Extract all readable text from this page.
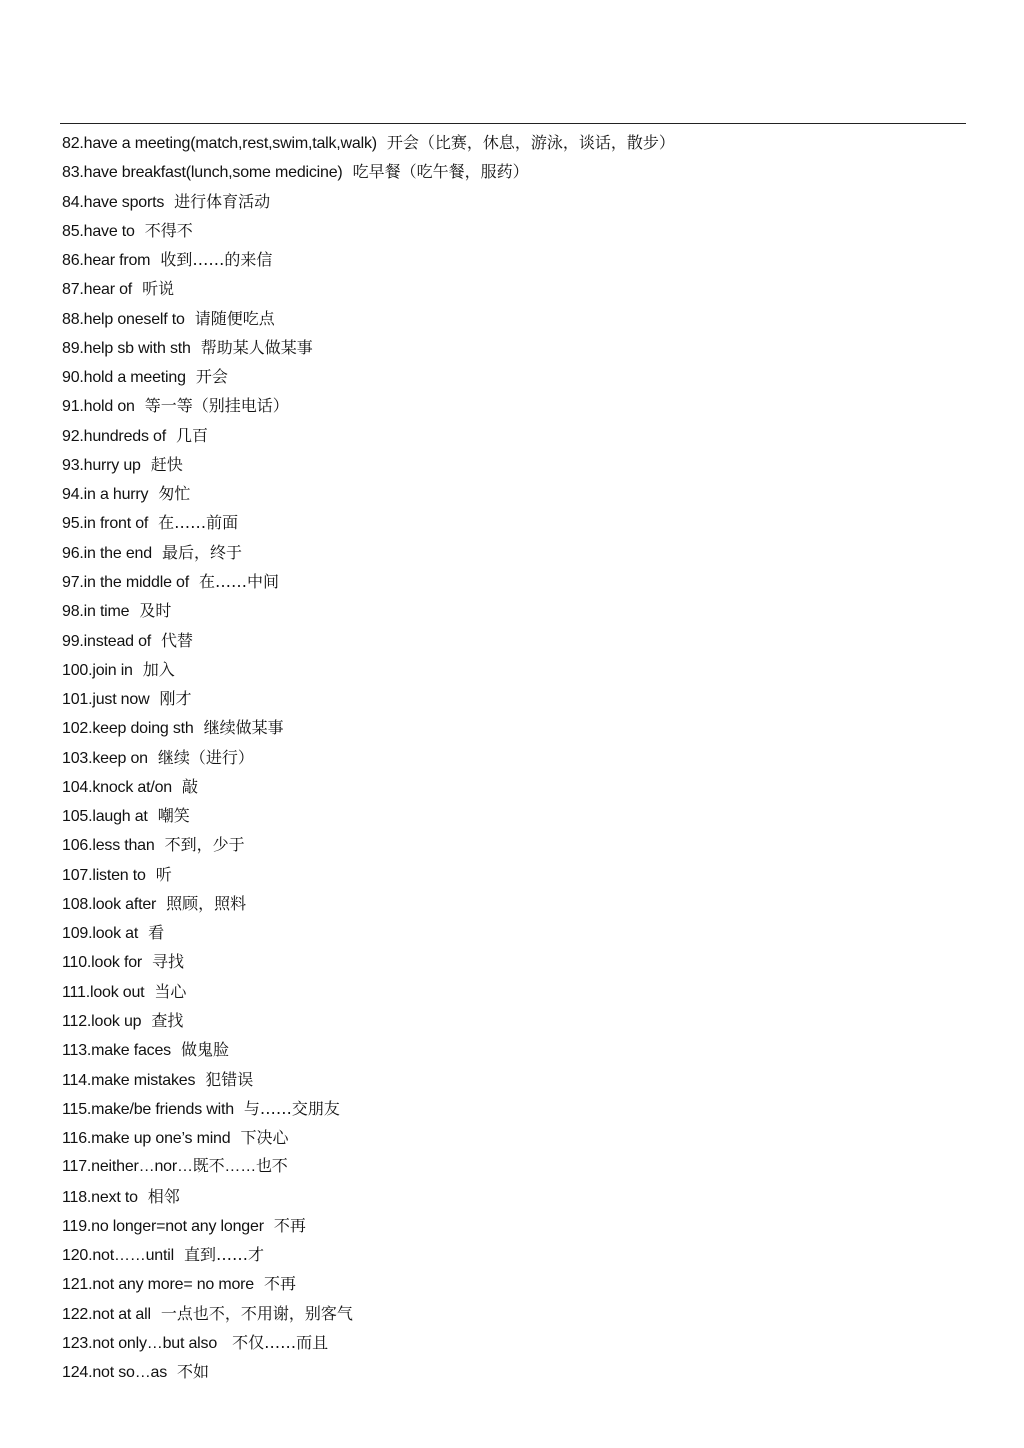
82.have a meeting(match,rest,swim,talk,walk) 开会（比赛，休息，游泳，谈话，散步）
83.have breakfast(lunch,some medicine) 吃早餐（吃午餐，服药）
84.have sports 进行体育活动
85.have to 不得不
86.hear from 收到……的来信
87.hear of 听说
88.help oneself to 请随便吃点
89.help sb with sth 帮助某人做某事
90.hold a meeting 开会
91.hold on 等一等（别挂电话）
92.hundreds of 几百
93.hurry up 赶快
94.in a hurry 匆忙
95.in front of 在……前面
96.in the end 最后，终于
97.in the middle of 在……中间
98.in time 及时
99.instead of 代替
100.join in 加入
101.just now 刚才
102.keep doing sth 继续做某事
103.keep on 继续（进行）
104.knock at/on 敲
105.laugh at 嘲笑
106.less than 不到，少于
107.listen to 听
108.look after 照顾，照料
109.look at 看
110.look for 寻找
111.look out 当心
112.look up 查找
113.make faces 做鬼脸
114.make mistakes 犯错误
115.make/be friends with 与……交朋友
116.make up one’s mind 下决心
117.neither…nor…既不……也不
118.next to 相邻
119.no longer=not any longer 不再
120.not……until 直到……才
121.not any more= no more 不再
122.not at all 一点也不，不用谢，别客气
123.not only…but also 不仅……而且
124.not so…as 不如
